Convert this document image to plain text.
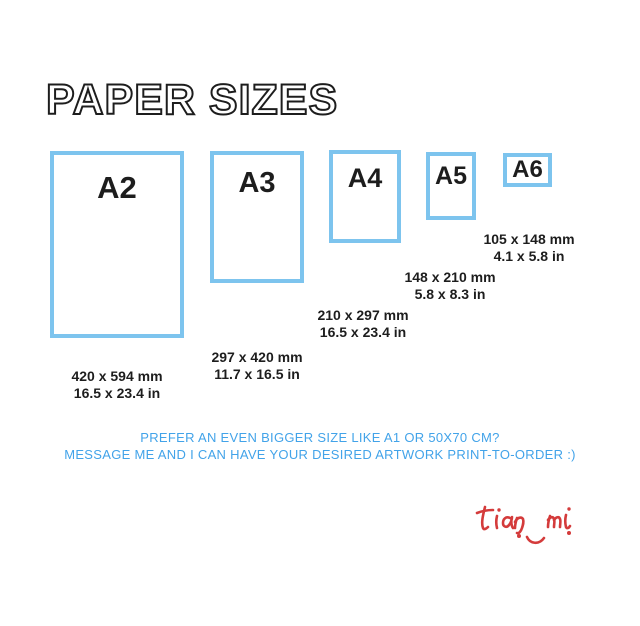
PAPER SIZES
A2	A3	A4 A5 A6
420 x 594 mm
16.5 x 23.4 in
297 x 420 mm
11.7 x 16.5 in
210 x 297 mm
16.5 x 23.4 in
148 x 210 mm
5.8 x 8.3 in
105 x 148 mm
4.1 x 5.8 in
PREFER AN EVEN BIGGER SIZE LIKE A1 OR 50X70 CM?
MESSAGE ME AND I CAN HAVE YOUR DESIRED ARTWORK PRINT-TO-ORDER :)
